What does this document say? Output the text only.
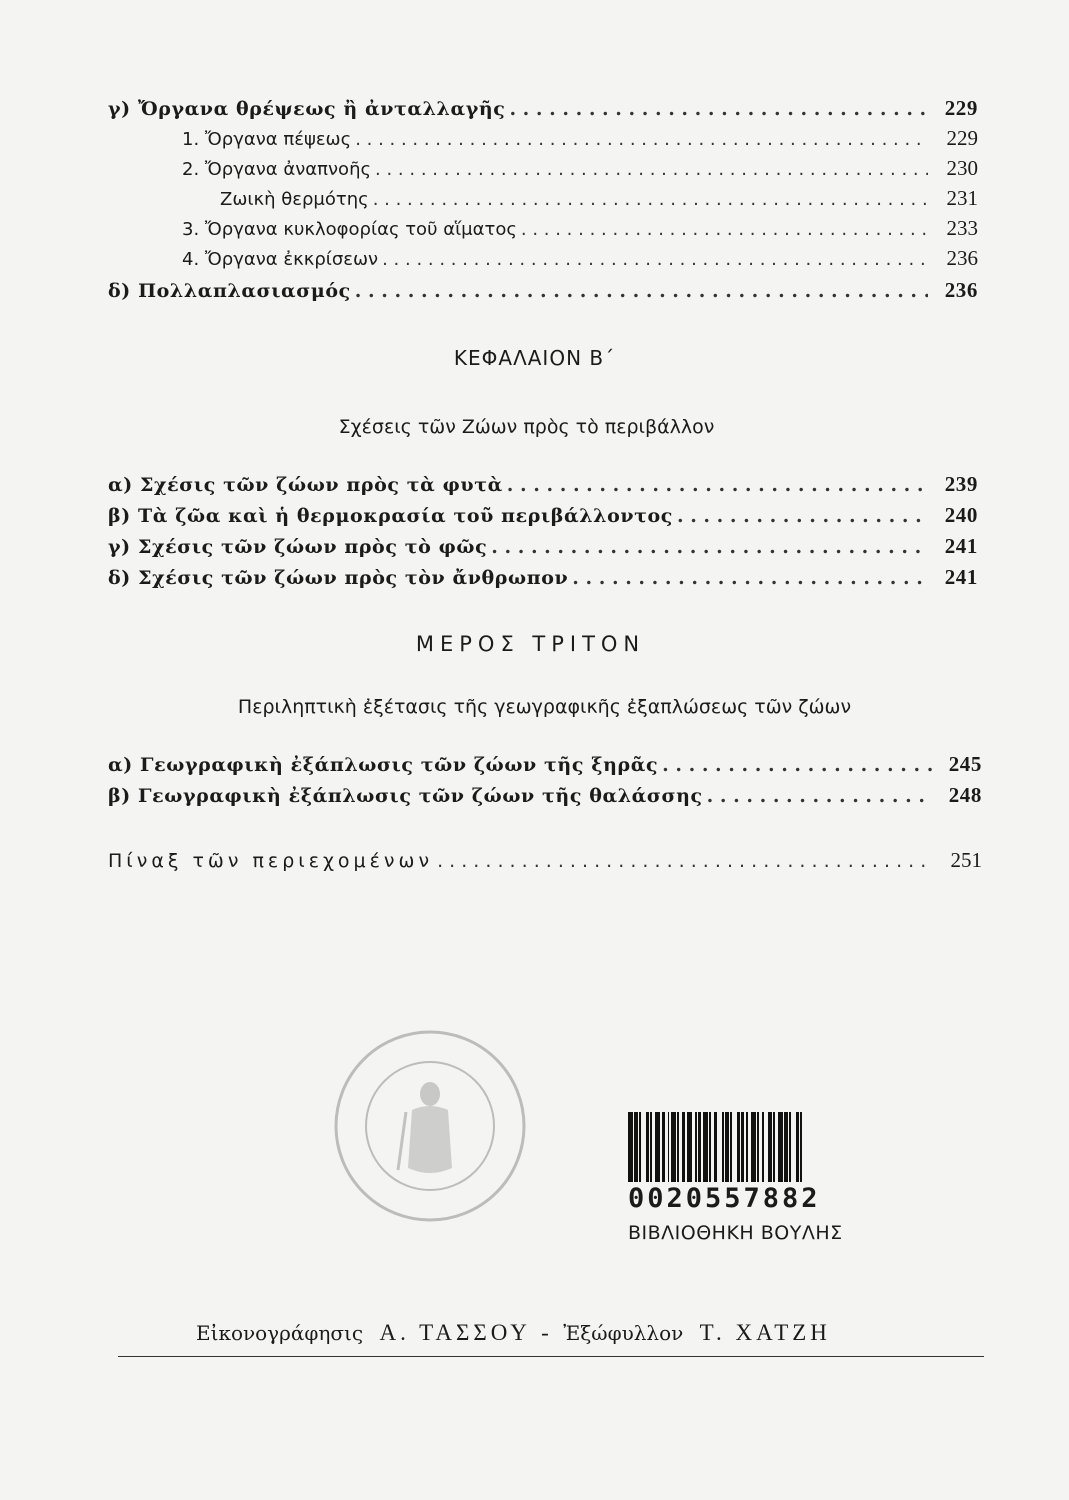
γ) Ὄργανα θρέψεως ἢ ἀνταλλαγῆς . . .	229
1. Ὄργανα πέψεως . . .	229
2. Ὄργανα ἀναπνοῆς . . .	230
Ζωικὴ θερμότης . . .	231
3. Ὄργανα κυκλοφορίας τοῦ αἵματος . . .	233
4. Ὄργανα ἐκκρίσεων . . .	236
δ) Πολλαπλασιασμός . . .	236
ΚΕΦΑΛΑΙΟΝ Β΄
Σχέσεις τῶν Ζώων πρὸς τὸ περιβάλλον
α) Σχέσις τῶν ζώων πρὸς τὰ φυτὰ . . .	239
β) Τὰ ζῶα καὶ ἡ θερμοκρασία τοῦ περιβάλλοντος . . .	240
γ) Σχέσις τῶν ζώων πρὸς τὸ φῶς . . .	241
δ) Σχέσις τῶν ζώων πρὸς τὸν ἄνθρωπον . . .	241
ΜΕΡΟΣ ΤΡΙΤΟΝ
Περιληπτικὴ ἐξέτασις τῆς γεωγραφικῆς ἐξαπλώσεως τῶν ζώων
α) Γεωγραφικὴ ἐξάπλωσις τῶν ζώων τῆς ξηρᾶς . . .	245
β) Γεωγραφικὴ ἐξάπλωσις τῶν ζώων τῆς θαλάσσης . . .	248
Πίναξ τῶν περιεχομένων . . .	251
0020557882
ΒΙΒΛΙΟΘΗΚΗ ΒΟΥΛΗΣ
Εἰκονογράφησις Α. ΤΑΣΣΟΥ - Ἐξώφυλλον Τ. ΧΑΤΖΗ
